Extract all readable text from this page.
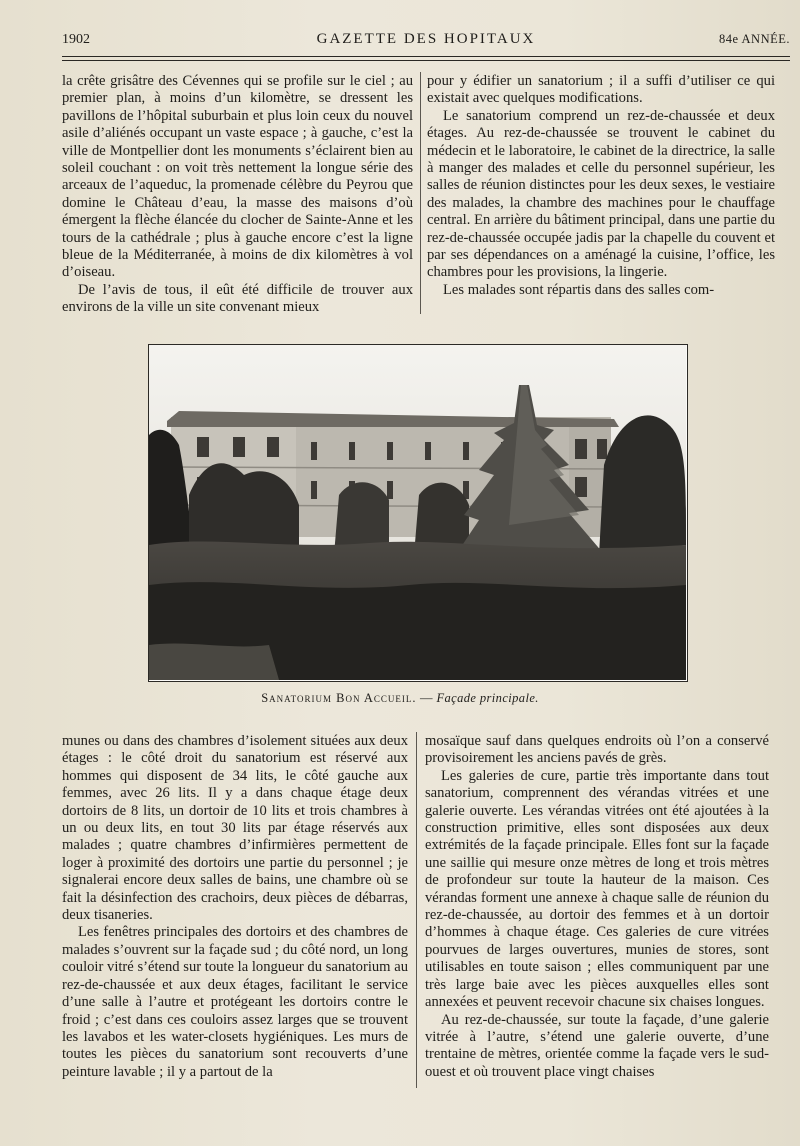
1902	GAZETTE DES HOPITAUX	84e ANNÉE.

la crête grisâtre des Cévennes qui se profile sur le ciel ; au premier plan, à moins d’un kilomètre, se dressent les pavillons de l’hôpital suburbain et plus loin ceux du nouvel asile d’aliénés occupant un vaste espace ; à gauche, c’est la ville de Montpellier dont les monuments s’éclairent bien au soleil couchant : on voit très nettement la longue série des arceaux de l’aqueduc, la promenade célèbre du Peyrou que domine le Château d’eau, la masse des maisons d’où émergent la flèche élancée du clocher de Sainte-Anne et les tours de la cathédrale ; plus à gauche encore c’est la ligne bleue de la Méditerranée, à moins de dix kilomètres à vol d’oiseau.

De l’avis de tous, il eût été difficile de trouver aux environs de la ville un site convenant mieux

pour y édifier un sanatorium ; il a suffi d’utiliser ce qui existait avec quelques modifications.

Le sanatorium comprend un rez-de-chaussée et deux étages. Au rez-de-chaussée se trouvent le cabinet du médecin et le laboratoire, le cabinet de la directrice, la salle à manger des malades et celle du personnel supérieur, les salles de réunion distinctes pour les deux sexes, le vestiaire des malades, la chambre des machines pour le chauffage central. En arrière du bâtiment principal, dans une partie du rez-de-chaussée occupée jadis par la chapelle du couvent et par ses dépendances on a aménagé la cuisine, l’office, les chambres pour les provisions, la lingerie.

Les malades sont répartis dans des salles com-

Sanatorium Bon Accueil. — Façade principale.

munes ou dans des chambres d’isolement situées aux deux étages : le côté droit du sanatorium est réservé aux hommes qui disposent de 34 lits, le côté gauche aux femmes, avec 26 lits. Il y a dans chaque étage deux dortoirs de 8 lits, un dortoir de 10 lits et trois chambres à un ou deux lits, en tout 30 lits par étage réservés aux malades ; quatre chambres d’infirmières permettent de loger à proximité des dortoirs une partie du personnel ; je signalerai encore deux salles de bains, une chambre où se fait la désinfection des crachoirs, deux pièces de débarras, deux tisaneries.

Les fenêtres principales des dortoirs et des chambres de malades s’ouvrent sur la façade sud ; du côté nord, un long couloir vitré s’étend sur toute la longueur du sanatorium au rez-de-chaussée et aux deux étages, facilitant le service d’une salle à l’autre et protégeant les dortoirs contre le froid ; c’est dans ces couloirs assez larges que se trouvent les lavabos et les water-closets hygiéniques. Les murs de toutes les pièces du sanatorium sont recouverts d’une peinture lavable ; il y a partout de la

mosaïque sauf dans quelques endroits où l’on a conservé provisoirement les anciens pavés de grès.

Les galeries de cure, partie très importante dans tout sanatorium, comprennent des vérandas vitrées et une galerie ouverte. Les vérandas vitrées ont été ajoutées à la construction primitive, elles sont disposées aux deux extrémités de la façade principale. Elles font sur la façade une saillie qui mesure onze mètres de long et trois mètres de profondeur sur toute la hauteur de la maison. Ces vérandas forment une annexe à chaque salle de réunion du rez-de-chaussée, au dortoir des femmes et à un dortoir d’hommes à chaque étage. Ces galeries de cure vitrées pourvues de larges ouvertures, munies de stores, sont utilisables en toute saison ; elles communiquent par une très large baie avec les pièces auxquelles elles sont annexées et peuvent recevoir chacune six chaises longues.

Au rez-de-chaussée, sur toute la façade, d’une galerie vitrée à l’autre, s’étend une galerie ouverte, d’une trentaine de mètres, orientée comme la façade vers le sud-ouest et où trouvent place vingt chaises
